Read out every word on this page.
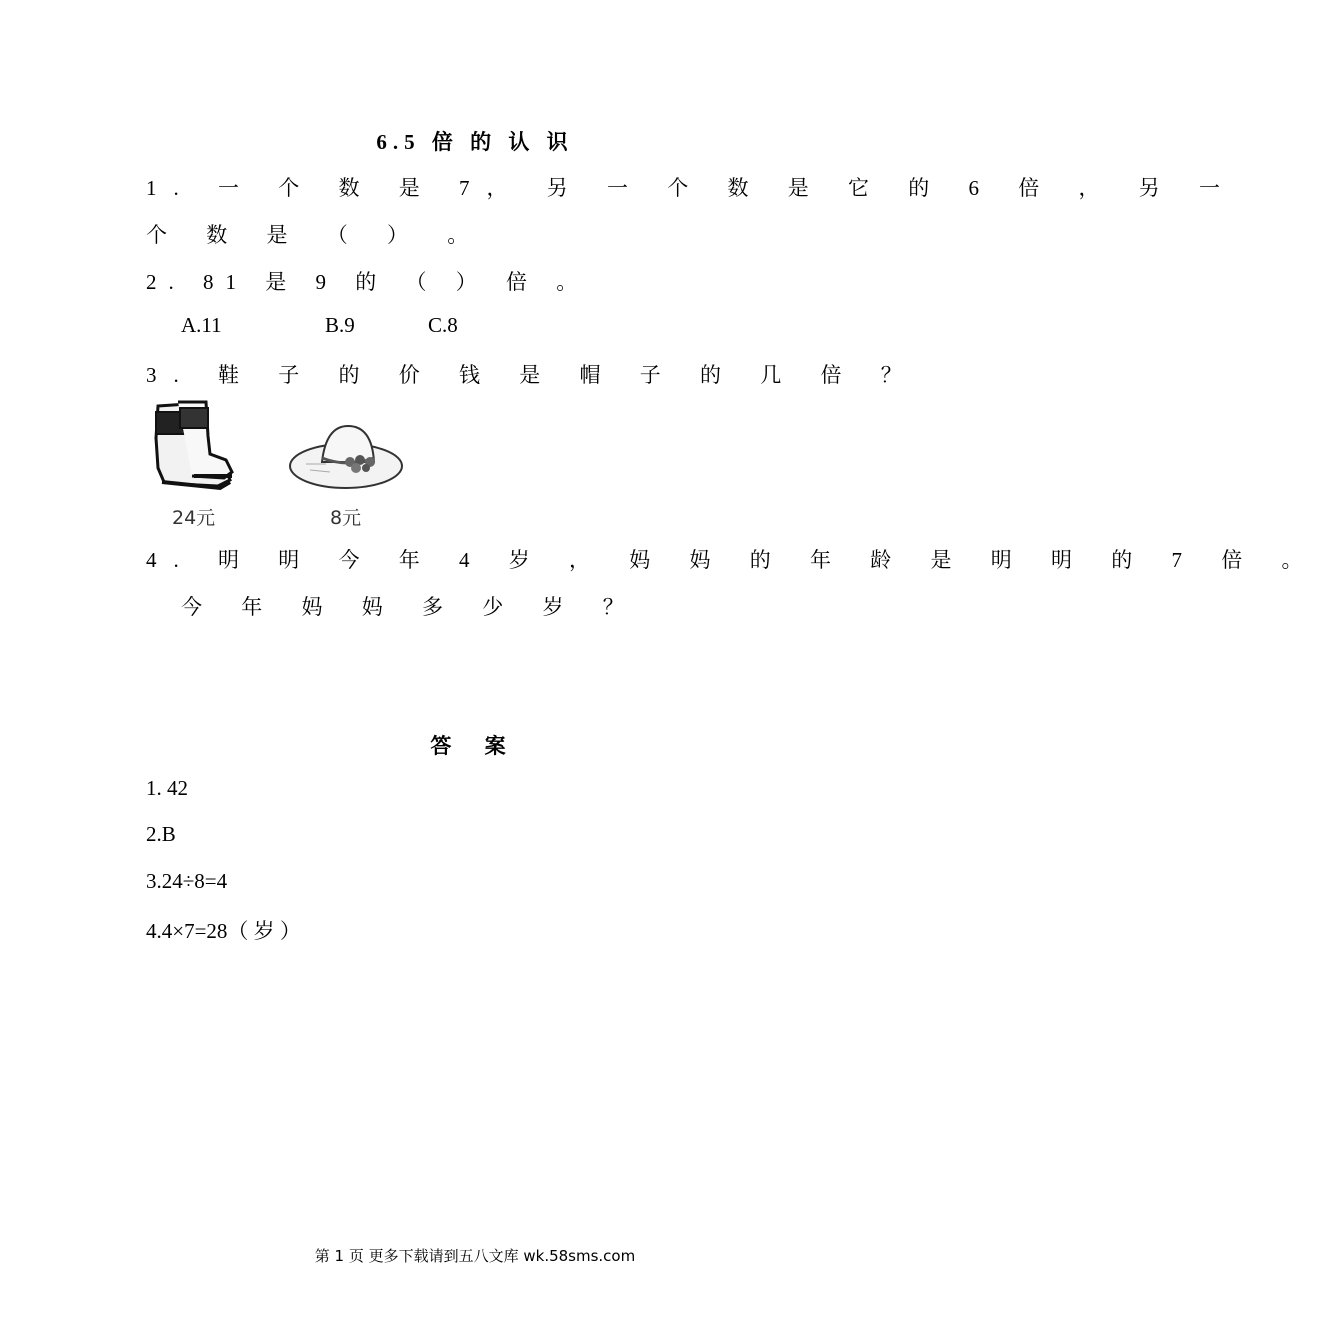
6.5 倍 的 认 识
1. 一 个 数 是 7， 另 一 个 数 是 它 的 6 倍 ， 另 一
个 数 是 （ ） 。
2. 81 是 9 的 （ ） 倍 。
A.11	B.9	C.8
3. 鞋 子 的 价 钱 是 帽 子 的 几 倍 ？
24元	8元
4. 明 明 今 年 4 岁 ， 妈 妈 的 年 龄 是 明 明 的 7 倍 。
今 年 妈 妈 多 少 岁 ？
答 案
1. 42
2.B
3.24÷8=4
4.4×7=28（ 岁 ）
第 1 页 更多下载请到五八文库 wk.58sms.com
